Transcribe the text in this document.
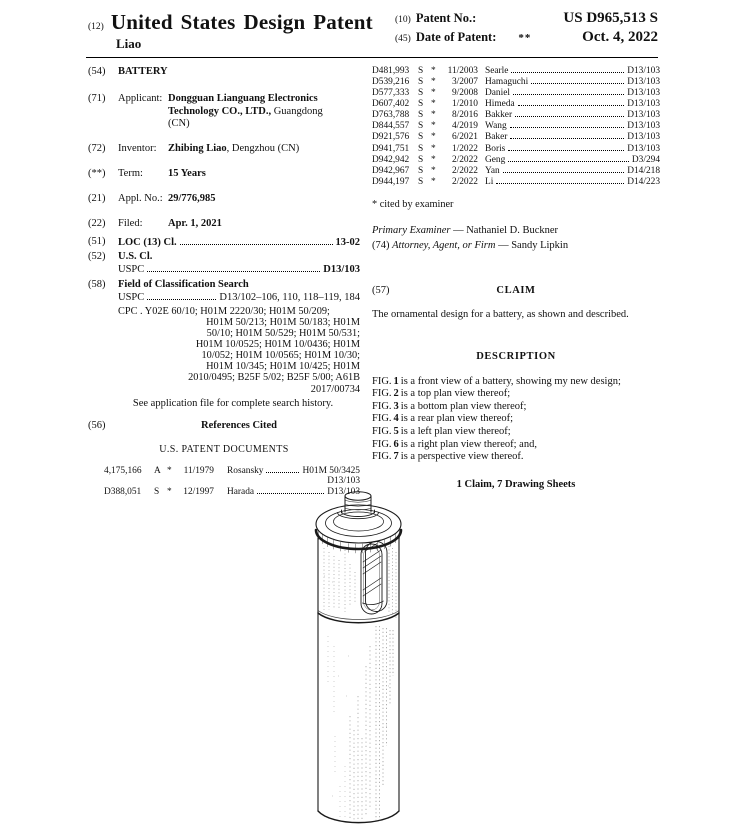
(12) United States Design Patent
Liao
(10) Patent No.:	US D965,513 S
(45) Date of Patent: **	Oct. 4, 2022
(54)	BATTERY
(71)	Applicant: Dongguan Lianguang Electronics Technology CO., LTD., Guangdong (CN)
(72)	Inventor:	Zhibing Liao, Dengzhou (CN)
(**)	Term:	15 Years
(21)	Appl. No.: 29/776,985
(22)	Filed:	Apr. 1, 2021
(51)	LOC (13) Cl.	13-02
(52)	U.S. Cl.
USPC	D13/103
(58)	Field of Classification Search
USPC	D13/102–106, 110, 118–119, 184
CPC . Y02E 60/10; H01M 2220/30; H01M 50/209;
H01M 50/213; H01M 50/183; H01M
50/10; H01M 50/529; H01M 50/531;
H01M 10/0525; H01M 10/0436; H01M
10/052; H01M 10/0565; H01M 10/30;
H01M 10/345; H01M 10/425; H01M
2010/0495; B25F 5/02; B25F 5/00; A61B
2017/00734
See application file for complete search history.
(56)	References Cited
U.S. PATENT DOCUMENTS
4,175,166	A *	11/1979 Rosansky	H01M 50/3425
D13/103
D388,051	S *	12/1997 Harada	D13/103
D481,993 S *	11/2003 Searle	D13/103
D539,216 S *	3/2007 Hamaguchi	D13/103
D577,333 S *	9/2008 Daniel	D13/103
D607,402 S *	1/2010 Himeda	D13/103
D763,788 S *	8/2016 Bakker	D13/103
D844,557 S *	4/2019 Wang	D13/103
D921,576 S *	6/2021 Baker	D13/103
D941,751 S *	1/2022 Boris	D13/103
D942,942 S *	2/2022 Geng	D3/294
D942,967 S *	2/2022 Yan	D14/218
D944,197 S *	2/2022 Li	D14/223
* cited by examiner
Primary Examiner — Nathaniel D. Buckner
(74) Attorney, Agent, or Firm — Sandy Lipkin
(57)	CLAIM
The ornamental design for a battery, as shown and described.
DESCRIPTION
FIG. 1 is a front view of a battery, showing my new design;
FIG. 2 is a top plan view thereof;
FIG. 3 is a bottom plan view thereof;
FIG. 4 is a rear plan view thereof;
FIG. 5 is a left plan view thereof;
FIG. 6 is a right plan view thereof; and,
FIG. 7 is a perspective view thereof.
1 Claim, 7 Drawing Sheets
